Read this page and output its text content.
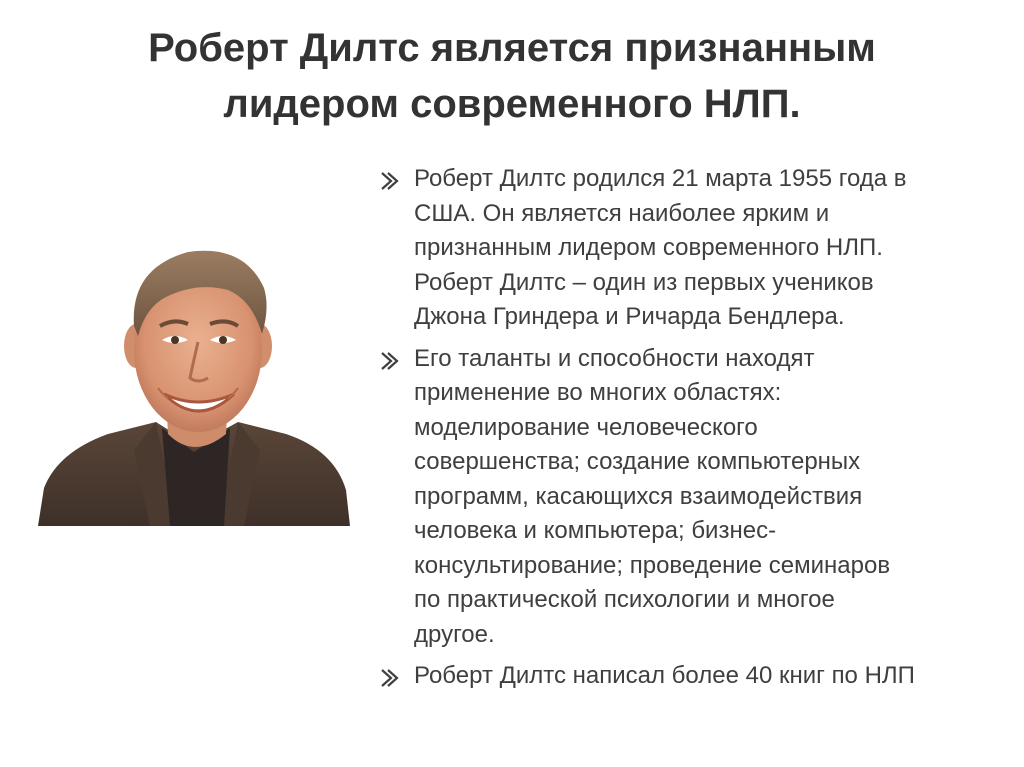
Роберт Дилтс является признанным
лидером современного НЛП.
Роберт Дилтс родился 21 марта 1955 года в
США. Он является наиболее ярким и
признанным лидером современного НЛП.
Роберт Дилтс – один из первых учеников
Джона Гриндера и Ричарда Бендлера.
Его таланты и способности находят
применение во многих областях:
моделирование человеческого
совершенства; создание компьютерных
программ, касающихся взаимодействия
человека и компьютера; бизнес-
консультирование; проведение семинаров
по практической психологии и многое
другое.
Роберт Дилтс написал более 40 книг по НЛП
